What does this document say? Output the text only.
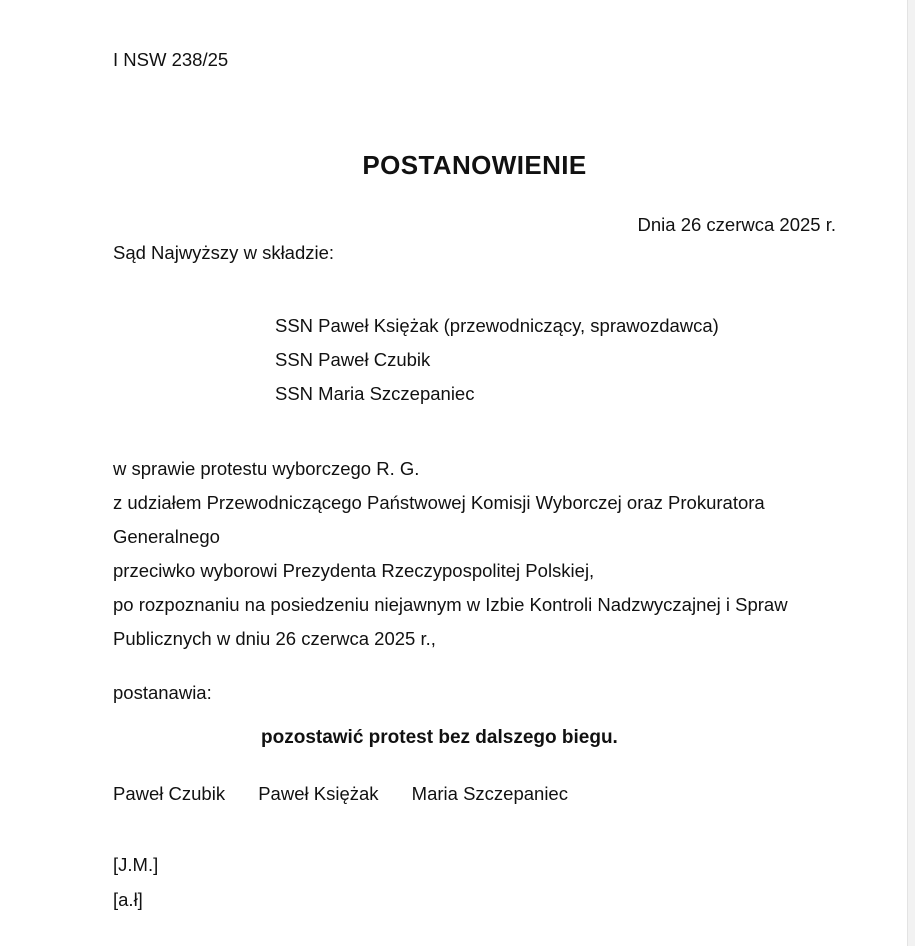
I NSW 238/25
POSTANOWIENIE
Dnia 26 czerwca 2025 r.
Sąd Najwyższy w składzie:
SSN Paweł Księżak (przewodniczący, sprawozdawca)
SSN Paweł Czubik
SSN Maria Szczepaniec
w sprawie protestu wyborczego R. G.
z udziałem Przewodniczącego Państwowej Komisji Wyborczej oraz Prokuratora
Generalnego
przeciwko wyborowi Prezydenta Rzeczypospolitej Polskiej,
po rozpoznaniu na posiedzeniu niejawnym w Izbie Kontroli Nadzwyczajnej i Spraw
Publicznych w dniu 26 czerwca 2025 r.,
postanawia:
pozostawić protest bez dalszego biegu.
Paweł Czubik Paweł Księżak Maria Szczepaniec
[J.M.]
[a.ł]
